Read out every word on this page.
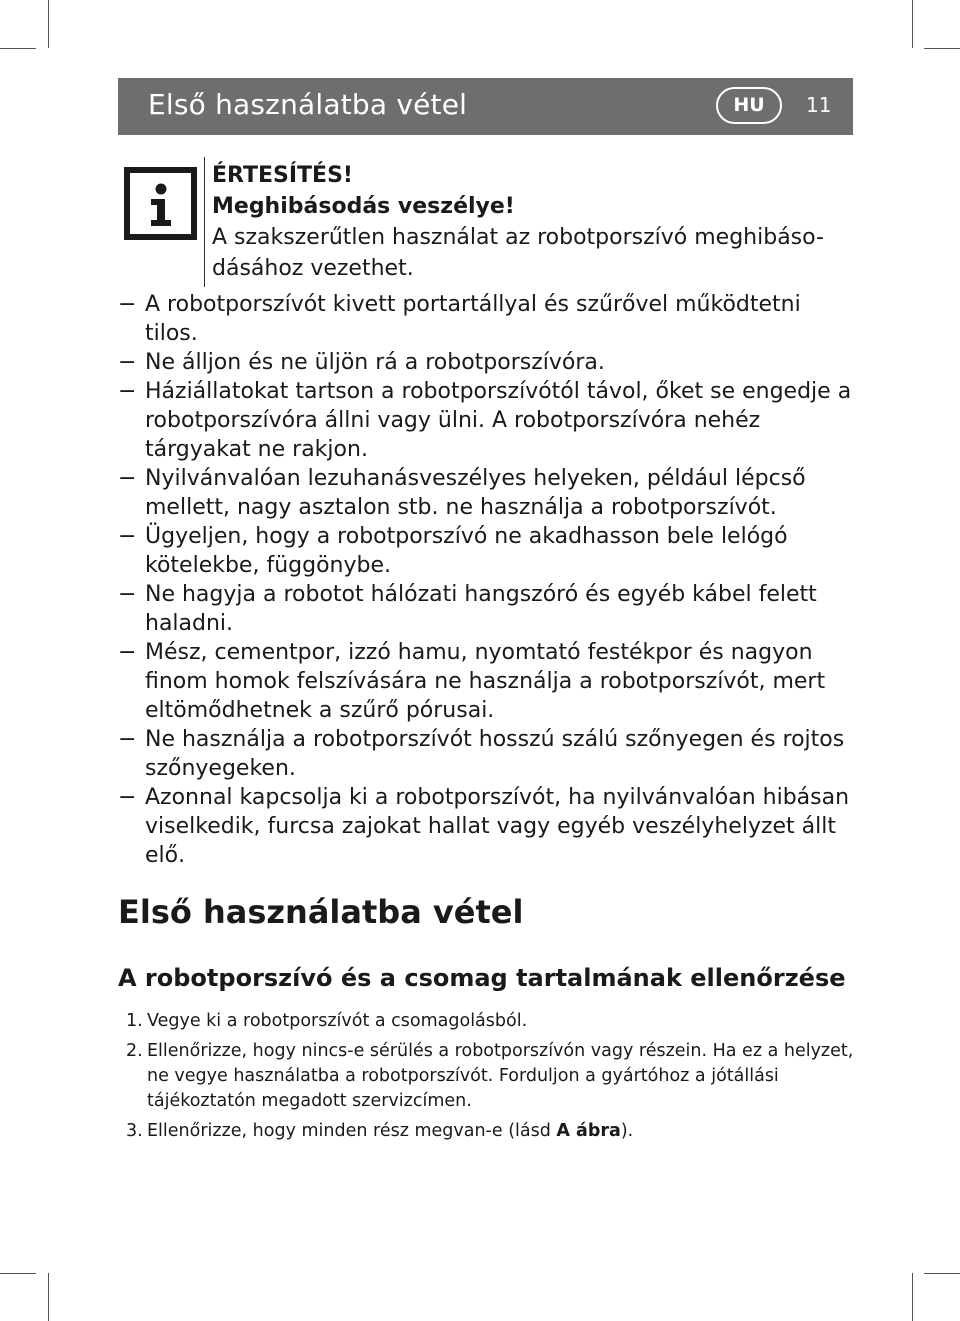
Első használatba vétel	HU	11

ÉRTESÍTÉS!

Meghibásodás veszélye!

A szakszerűtlen használat az robotporszívó meghibáso-

dásához vezethet.

− A robotporszívót kivett portartállyal és szűrővel működtetni tilos.
− Ne álljon és ne üljön rá a robotporszívóra.
− Háziállatokat tartson a robotporszívótól távol, őket se engedje a robotporszívóra állni vagy ülni. A robotporszívóra nehéz tárgyakat ne rakjon.
− Nyilvánvalóan lezuhanásveszélyes helyeken, például lépcső mellett, nagy asztalon stb. ne használja a robotporszívót.
− Ügyeljen, hogy a robotporszívó ne akadhasson bele lelógó kötelekbe, függönybe.
− Ne hagyja a robotot hálózati hangszóró és egyéb kábel felett haladni.
− Mész, cementpor, izzó hamu, nyomtató festékpor és nagyon finom homok felszívására ne használja a robotporszívót, mert eltömődhetnek a szűrő pórusai.
− Ne használja a robotporszívót hosszú szálú szőnyegen és rojtos szőnyegeken.
− Azonnal kapcsolja ki a robotporszívót, ha nyilvánvalóan hibásan viselkedik, furcsa zajokat hallat vagy egyéb veszélyhelyzet állt elő.
Első használatba vétel
A robotporszívó és a csomag tartalmának ellenőrzése
1. Vegye ki a robotporszívót a csomagolásból.
2. Ellenőrizze, hogy nincs-e sérülés a robotporszívón vagy részein. Ha ez a helyzet, ne vegye használatba a robotporszívót. Forduljon a gyártóhoz a jótállási tájékoztatón megadott szervizcímen.
3. Ellenőrizze, hogy minden rész megvan-e (lásd A ábra).
